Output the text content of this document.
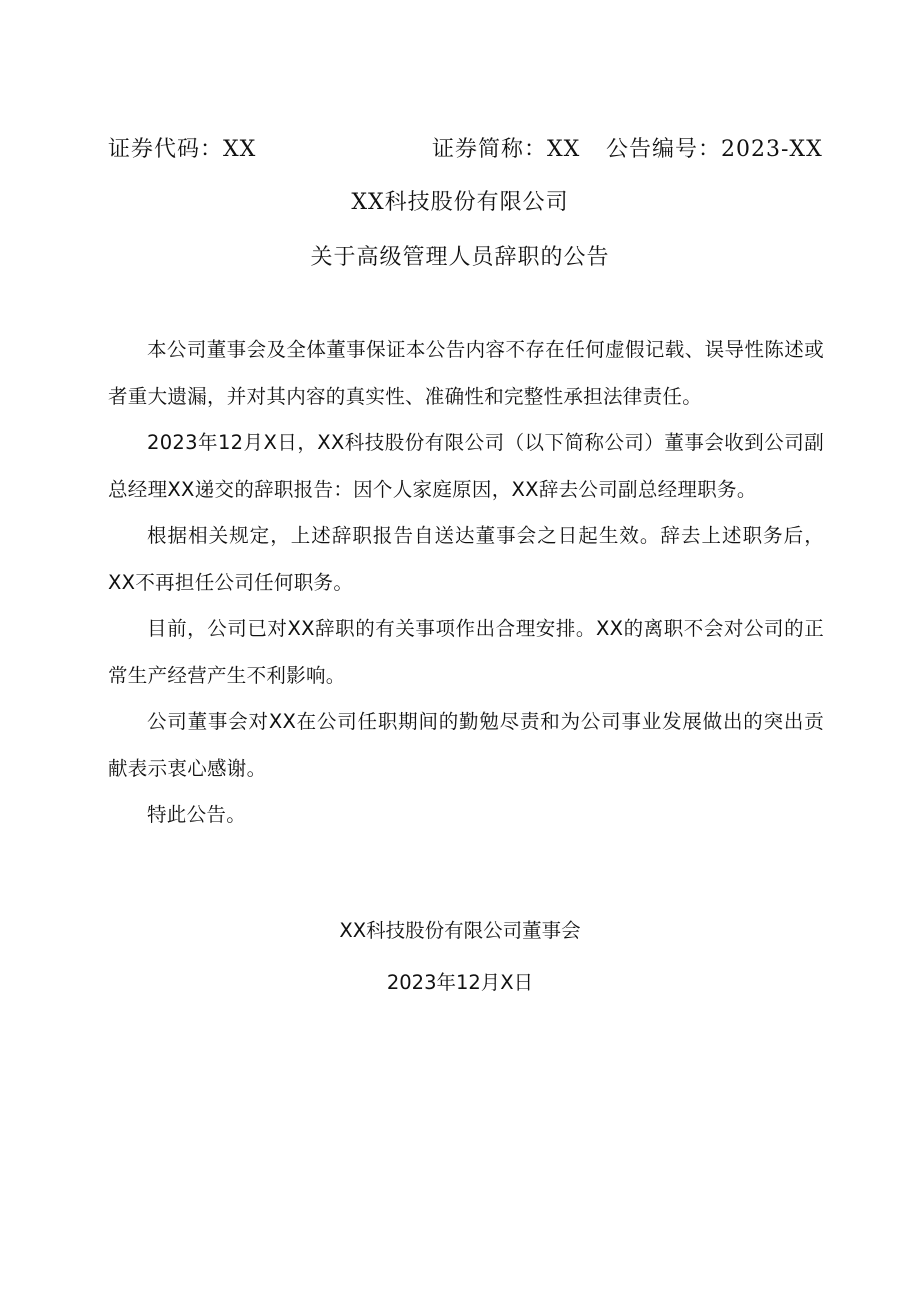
证券代码：XX	证券简称：XX 公告编号：2023-XX
XX科技股份有限公司
关于高级管理人员辞职的公告

本公司董事会及全体董事保证本公告内容不存在任何虚假记载、误导性陈述或者重大遗漏，并对其内容的真实性、准确性和完整性承担法律责任。

2023年12月X日，XX科技股份有限公司（以下简称公司）董事会收到公司副总经理XX递交的辞职报告：因个人家庭原因，XX辞去公司副总经理职务。

根据相关规定，上述辞职报告自送达董事会之日起生效。辞去上述职务后，XX不再担任公司任何职务。

目前，公司已对XX辞职的有关事项作出合理安排。XX的离职不会对公司的正常生产经营产生不利影响。

公司董事会对XX在公司任职期间的勤勉尽责和为公司事业发展做出的突出贡献表示衷心感谢。

特此公告。

XX科技股份有限公司董事会
2023年12月X日
